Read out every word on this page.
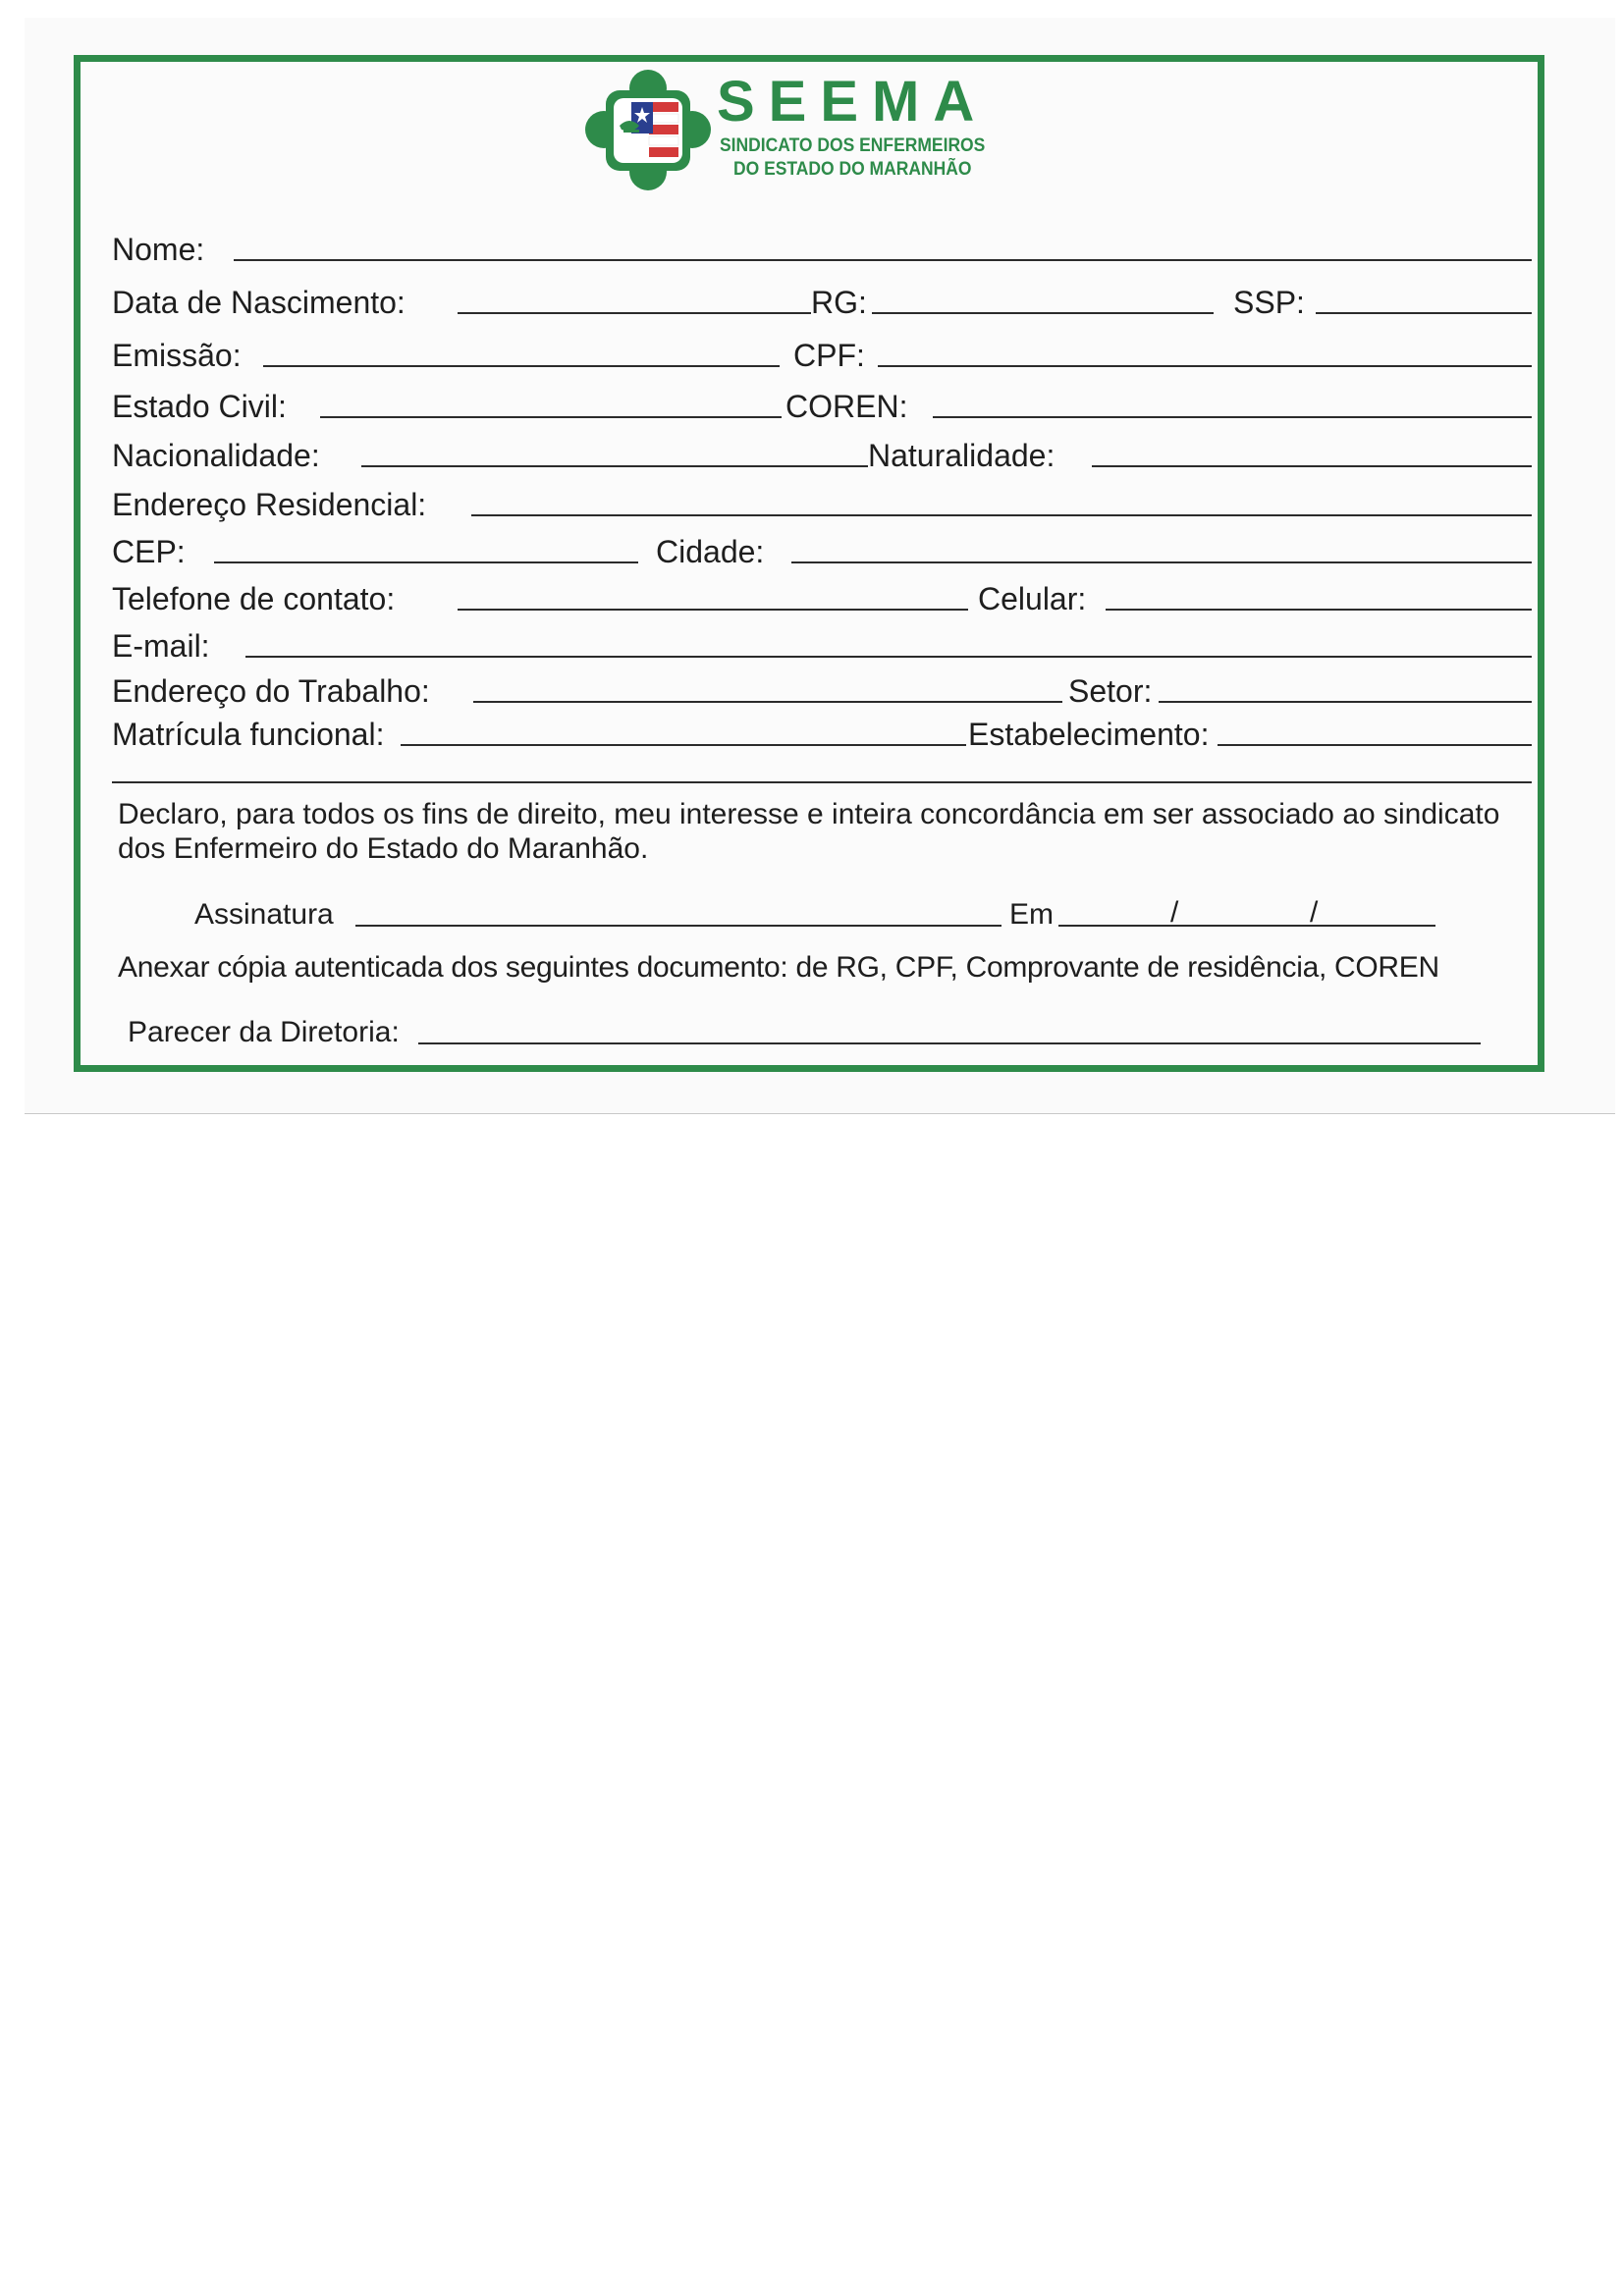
SEEMA
SINDICATO DOS ENFERMEIROS
DO ESTADO DO MARANHÃO
Nome:
Data de Nascimento:	RG:	SSP:
Emissão:	CPF:
Estado Civil:	COREN:
Nacionalidade:	Naturalidade:
Endereço Residencial:
CEP:	Cidade:
Telefone de contato:	Celular:
E-mail:
Endereço do Trabalho:	Setor:
Matrícula funcional:	Estabelecimento:
Declaro, para todos os fins de direito, meu interesse e inteira concordância em ser associado ao sindicato dos Enfermeiro do Estado do Maranhão.
Assinatura	Em	/	/
Anexar cópia autenticada dos seguintes documento: de RG, CPF, Comprovante de residência, COREN
Parecer da Diretoria:
